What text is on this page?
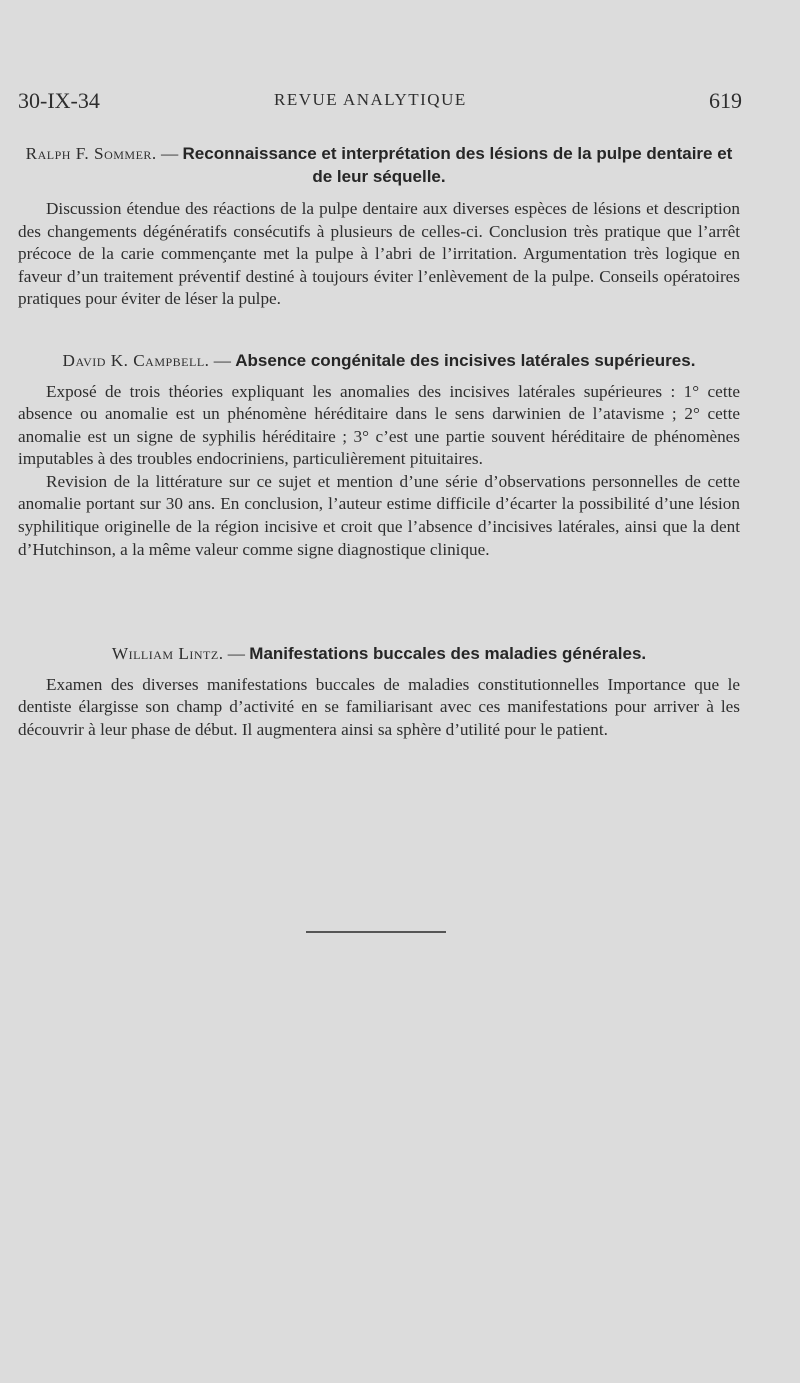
30-IX-34	REVUE ANALYTIQUE	619
Ralph F. Sommer. — Reconnaissance et interprétation des lésions de la pulpe dentaire et de leur séquelle.

Discussion étendue des réactions de la pulpe dentaire aux diverses espèces de lésions et description des changements dégénératifs consécutifs à plusieurs de celles-ci. Conclusion très pratique que l’arrêt précoce de la carie commençante met la pulpe à l’abri de l’irritation. Argumentation très logique en faveur d’un traitement préventif destiné à toujours éviter l’enlèvement de la pulpe. Conseils opératoires pratiques pour éviter de léser la pulpe.

David K. Campbell. — Absence congénitale des incisives latérales supérieures.

Exposé de trois théories expliquant les anomalies des incisives latérales supérieures : 1° cette absence ou anomalie est un phénomène héréditaire dans le sens darwinien de l’atavisme ; 2° cette anomalie est un signe de syphilis héréditaire ; 3° c’est une partie souvent héréditaire de phénomènes imputables à des troubles endocriniens, particulièrement pituitaires.

Revision de la littérature sur ce sujet et mention d’une série d’observations personnelles de cette anomalie portant sur 30 ans. En conclusion, l’auteur estime difficile d’écarter la possibilité d’une lésion syphilitique originelle de la région incisive et croit que l’absence d’incisives latérales, ainsi que la dent d’Hutchinson, a la même valeur comme signe diagnostique clinique.

William Lintz. — Manifestations buccales des maladies générales.

Examen des diverses manifestations buccales de maladies constitutionnelles Importance que le dentiste élargisse son champ d’activité en se familiarisant avec ces manifestations pour arriver à les découvrir à leur phase de début. Il augmentera ainsi sa sphère d’utilité pour le patient.
